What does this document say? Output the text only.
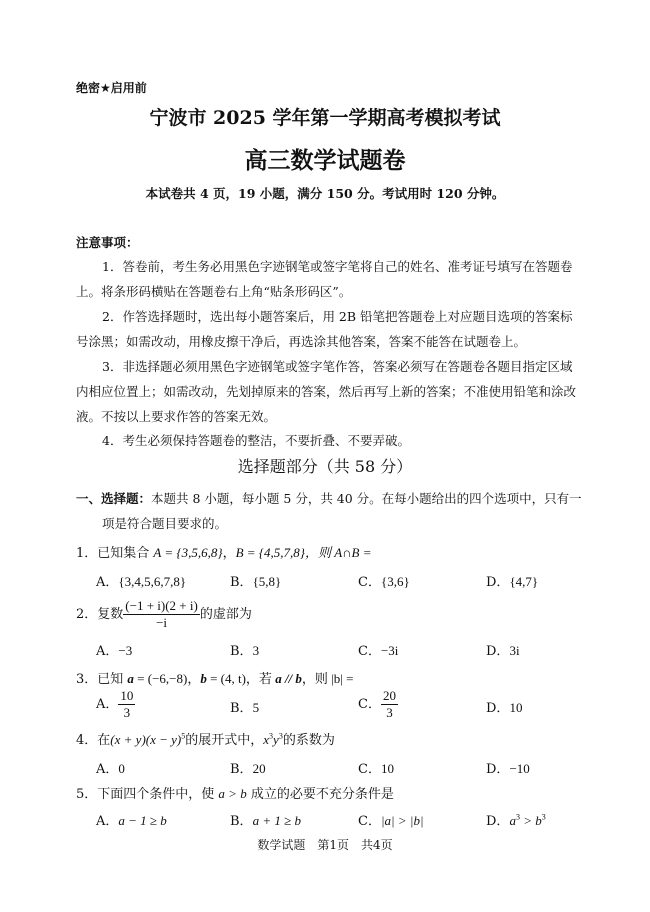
绝密★启用前
宁波市 2025 学年第一学期高考模拟考试
高三数学试题卷
本试卷共 4 页，19 小题，满分 150 分。考试用时 120 分钟。
注意事项：
1．答卷前，考生务必用黑色字迹钢笔或签字笔将自己的姓名、准考证号填写在答题卷上。将条形码横贴在答题卷右上角“贴条形码区”。
2．作答选择题时，选出每小题答案后，用 2B 铅笔把答题卷上对应题目选项的答案标号涂黑；如需改动，用橡皮擦干净后，再选涂其他答案，答案不能答在试题卷上。
3．非选择题必须用黑色字迹钢笔或签字笔作答，答案必须写在答题卷各题目指定区域内相应位置上；如需改动，先划掉原来的答案，然后再写上新的答案；不准使用铅笔和涂改液。不按以上要求作答的答案无效。
4．考生必须保持答题卷的整洁，不要折叠、不要弄破。
选择题部分（共 58 分）
一、选择题：本题共 8 小题，每小题 5 分，共 40 分。在每小题给出的四个选项中，只有一
项是符合题目要求的。
1．已知集合 A = {3,5,6,8}，B = {4,5,7,8}，则 A∩B =
A．{3,4,5,6,7,8}	B．{5,8}	C．{3,6}	D．{4,7}
2．复数 $\frac{(-1 + i)(2 + i)}{-i}$ 的虚部为
A．−3	B．3	C．−3i	D．3i
3．已知 a = (−6,−8)，b = (4, t)，若 a // b，则 |b| =
A． $\frac{10}{3}$	B．5	C． $\frac{20}{3}$	D．10
4．在$(x + y)(x - y)^5$的展开式中，$x^3y^3$的系数为
A．0	B．20	C．10	D．−10
5．下面四个条件中，使 a > b 成立的必要不充分条件是
A．a − 1 ≥ b	B．a + 1 ≥ b	C．|a| > |b|	D．$a^3 > b^3$
数学试题　第1页　共4页
